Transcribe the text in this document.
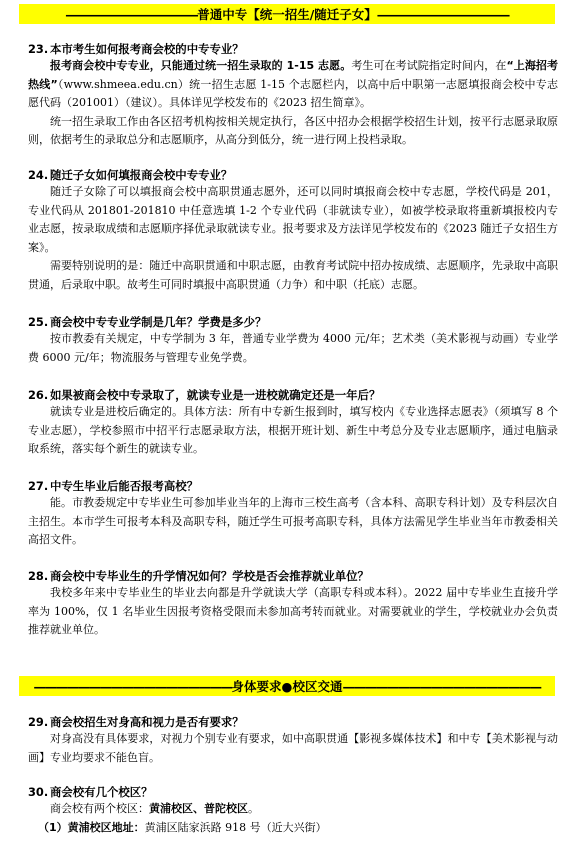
———————————— 普通中专【统一招生/随迁子女】 ————————————

23. 本市考生如何报考商会校的中专专业？

报考商会校中专专业，只能通过统一招生录取的 1-15 志愿。考生可在考试院指定时间内，在“上海招考热线”（www.shmeea.edu.cn）统一招生志愿 1-15 个志愿栏内，以高中后中职第一志愿填报商会校中专志愿代码（201001）（建议）。具体详见学校发布的《2023 招生简章》。

统一招生录取工作由各区招考机构按相关规定执行，各区中招办会根据学校招生计划，按平行志愿录取原则，依据考生的录取总分和志愿顺序，从高分到低分，统一进行网上投档录取。

24. 随迁子女如何填报商会校中专专业？

随迁子女除了可以填报商会校中高职贯通志愿外，还可以同时填报商会校中专志愿，学校代码是 201，专业代码从 201801-201810 中任意选填 1-2 个专业代码（非就读专业），如被学校录取将重新填报校内专业志愿，按录取成绩和志愿顺序择优录取就读专业。报考要求及方法详见学校发布的《2023 随迁子女招生方案》。

需要特别说明的是：随迁中高职贯通和中职志愿，由教育考试院中招办按成绩、志愿顺序，先录取中高职贯通，后录取中职。故考生可同时填报中高职贯通（力争）和中职（托底）志愿。

25. 商会校中专专业学制是几年？学费是多少？

按市教委有关规定，中专学制为 3 年，普通专业学费为 4000 元/年；艺术类（美术影视与动画）专业学费 6000 元/年；物流服务与管理专业免学费。

26. 如果被商会校中专录取了，就读专业是一进校就确定还是一年后？

就读专业是进校后确定的。具体方法：所有中专新生报到时，填写校内《专业选择志愿表》（须填写 8 个专业志愿），学校参照市中招平行志愿录取方法，根据开班计划、新生中考总分及专业志愿顺序，通过电脑录取系统，落实每个新生的就读专业。

27. 中专生毕业后能否报考高校？

能。市教委规定中专毕业生可参加毕业当年的上海市三校生高考（含本科、高职专科计划）及专科层次自主招生。本市学生可报考本科及高职专科，随迁学生可报考高职专科，具体方法需见学生毕业当年市教委相关高招文件。

28. 商会校中专毕业生的升学情况如何？学校是否会推荐就业单位？

我校多年来中专毕业生的毕业去向都是升学就读大学（高职专科或本科）。2022 届中专毕业生直接升学率为 100%，仅 1 名毕业生因报考资格受限而未参加高考转而就业。对需要就业的学生，学校就业办会负责推荐就业单位。

—————————————————— 身体要求●校区交通 ——————————————————

29. 商会校招生对身高和视力是否有要求？

对身高没有具体要求，对视力个别专业有要求，如中高职贯通【影视多媒体技术】和中专【美术影视与动画】专业均要求不能色盲。

30. 商会校有几个校区？

商会校有两个校区：黄浦校区、普陀校区。

（1）黄浦校区地址：黄浦区陆家浜路 918 号（近大兴街）
